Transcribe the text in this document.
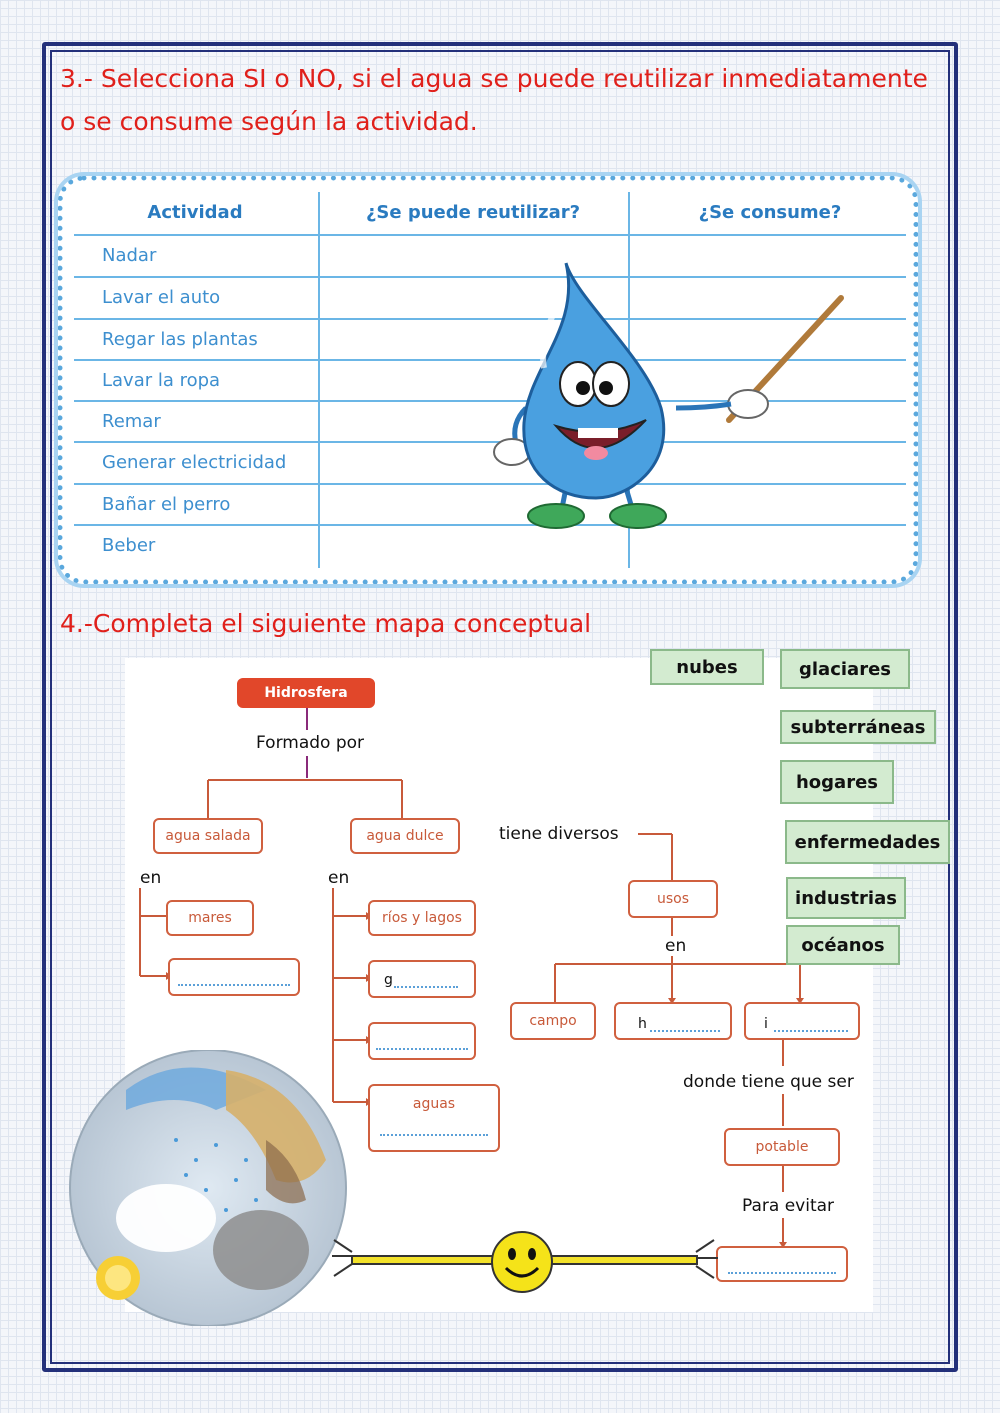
3.- Selecciona SI o NO, si el agua se puede reutilizar inmediatamente
o se consume según la actividad.
Actividad	¿Se puede reutilizar?	¿Se consume?
Nadar
Lavar el auto
Regar las plantas
Lavar la ropa
Remar
Generar electricidad
Bañar el perro
Beber
4.-Completa el siguiente mapa conceptual
Hidrosfera
Formado por
agua salada	agua dulce	tiene diversos
en	en
mares	ríos y lagos
g
aguas
usos
en
campo	h	i
donde tiene que ser
potable
Para evitar
nubes	glaciares
subterráneas
hogares
enfermedades
industrias
océanos
